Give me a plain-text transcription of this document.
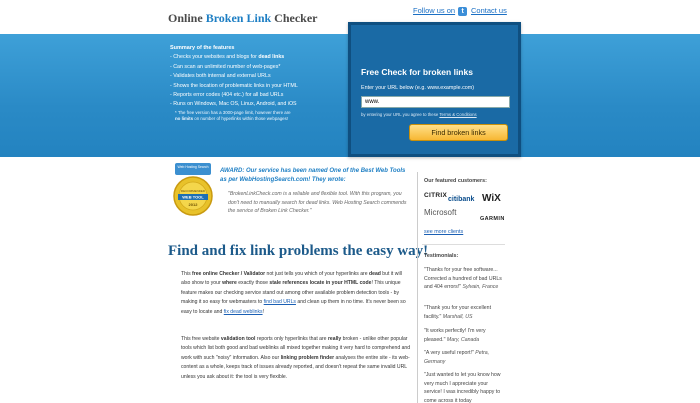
Online Broken Link Checker
Follow us on t Contact us
Summary of the features
- Checks your websites and blogs for dead links
- Can scan an unlimited number of web-pages*
- Validates both internal and external URLs
- Shows the location of problematic links in your HTML
- Reports error codes (404 etc.) for all bad URLs
- Runs on Windows, Mac OS, Linux, Android, and iOS
* The free version has a 3000-page limit, however there are
no limits on number of hyperlinks within those webpages!
Free Check for broken links
Enter your URL below (e.g. www.example.com)
www.
by entering your URL you agree to these Terms & Conditions
Find broken links
Web Hosting Search
RECOMMENDED
WEB TOOL
2012
AWARD: Our service has been named One of the Best Web Tools as per WebHostingSearch.com! They wrote:
"BrokenLinkCheck.com is a reliable and flexible tool. With this program, you don't need to manually search for dead links. Web Hosting Search commends the service of Broken Link Checker."
Find and fix link problems the easy way!
This free online Checker / Validator not just tells you which of your hyperlinks are dead but it will also show to your where exactly those stale references locate in your HTML code! This unique feature makes our checking service stand out among other available problem detection tools - by making it so easy for webmasters to find bad URLs and clean up them in no time. It's never been so easy to locate and fix dead weblinks!
This free website validation tool reports only hyperlinks that are really broken - unlike other popular tools which list both good and bad weblinks all mixed together making it very hard to comprehend and work with such "noisy" information. Also our linking problem finder analyses the entire site - its web-content as a whole, keeps track of issues already reported, and doesn't repeat the same invalid URL unless you ask about it: the tool is very flexible.
Our featured customers:
CITRIX
citibank WiX
Microsoft
GARMIN
see more clients
Testimonials:
"Thanks for your free software... Corrected a hundred of bad URLs and 404 errors!" Sylvain, France
"Thank you for your excellent facility." Marshall, US
"It works perfectly! I'm very pleased." Mary, Canada
"A very useful report!" Petra, Germany
"Just wanted to let you know how very much I appreciate your service! I was incredibly happy to come across it today
